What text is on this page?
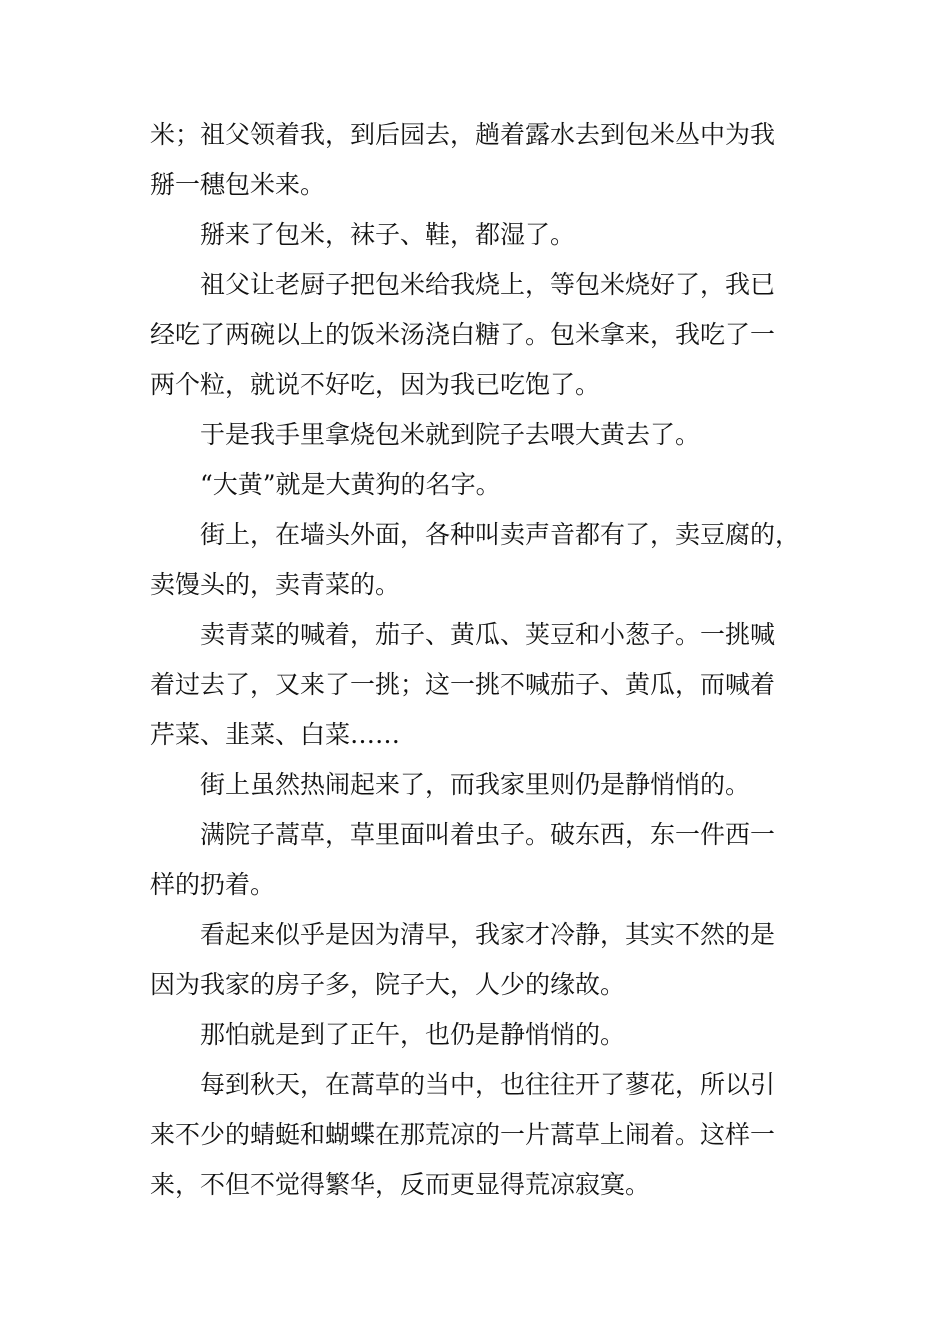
米；祖父领着我，到后园去，趟着露水去到包米丛中为我
掰一穗包米来。

　　掰来了包米，袜子、鞋，都湿了。

　　祖父让老厨子把包米给我烧上，等包米烧好了，我已
经吃了两碗以上的饭米汤浇白糖了。包米拿来，我吃了一
两个粒，就说不好吃，因为我已吃饱了。

　　于是我手里拿烧包米就到院子去喂大黄去了。

　　“大黄”就是大黄狗的名字。

　　街上，在墙头外面，各种叫卖声音都有了，卖豆腐的，
卖馒头的，卖青菜的。

　　卖青菜的喊着，茄子、黄瓜、荚豆和小葱子。一挑喊
着过去了，又来了一挑；这一挑不喊茄子、黄瓜，而喊着
芹菜、韭菜、白菜……

　　街上虽然热闹起来了，而我家里则仍是静悄悄的。

　　满院子蒿草，草里面叫着虫子。破东西，东一件西一
样的扔着。

　　看起来似乎是因为清早，我家才冷静，其实不然的是
因为我家的房子多，院子大，人少的缘故。

　　那怕就是到了正午，也仍是静悄悄的。

　　每到秋天，在蒿草的当中，也往往开了蓼花，所以引
来不少的蜻蜓和蝴蝶在那荒凉的一片蒿草上闹着。这样一
来，不但不觉得繁华，反而更显得荒凉寂寞。
